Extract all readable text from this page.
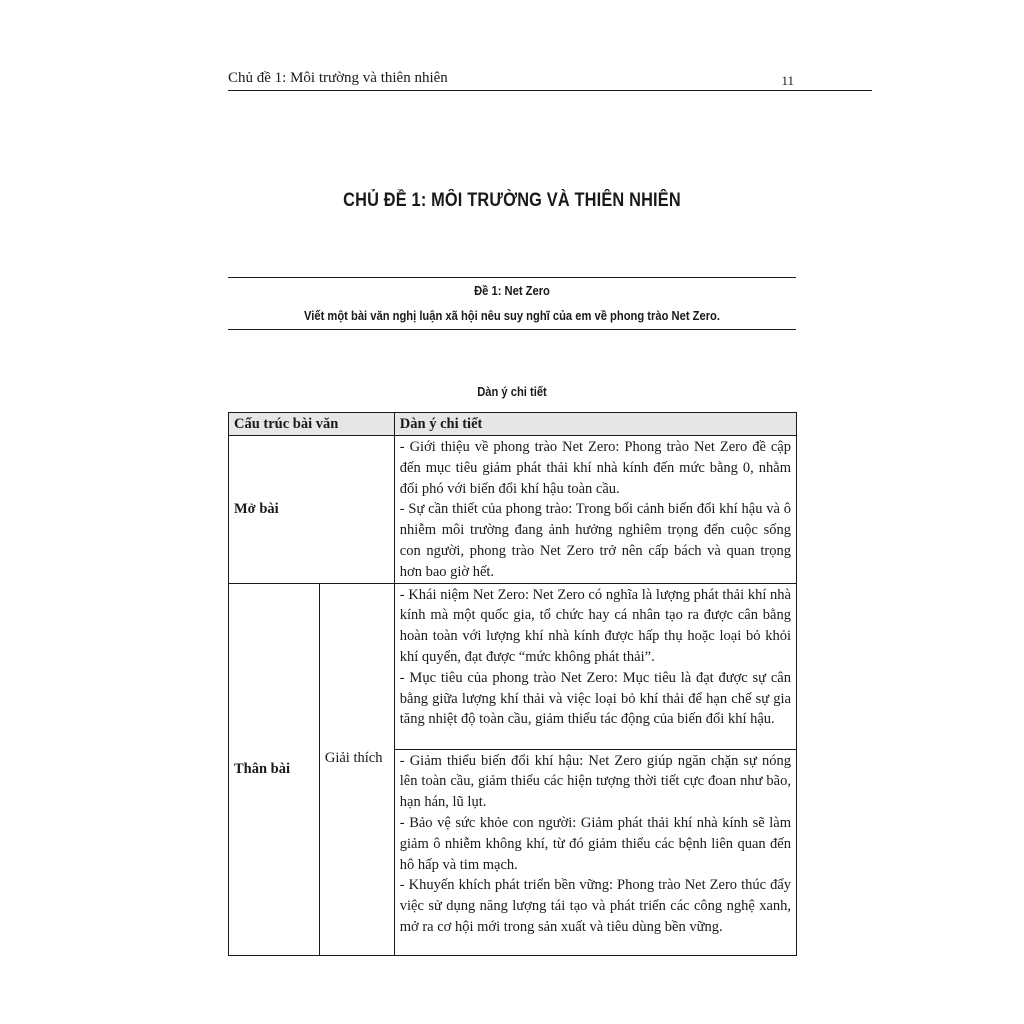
Chủ đề 1: Môi trường và thiên nhiên	11
CHỦ ĐỀ 1: MÔI TRƯỜNG VÀ THIÊN NHIÊN
Đề 1: Net Zero
Viết một bài văn nghị luận xã hội nêu suy nghĩ của em về phong trào Net Zero.
Dàn ý chi tiết
Cấu trúc bài văn		Dàn ý chi tiết
Mở bài		- Giới thiệu về phong trào Net Zero: Phong trào Net Zero đề cập đến mục tiêu giảm phát thải khí nhà kính đến mức bằng 0, nhằm đối phó với biến đổi khí hậu toàn cầu.
- Sự cần thiết của phong trào: Trong bối cảnh biến đổi khí hậu và ô nhiễm môi trường đang ảnh hưởng nghiêm trọng đến cuộc sống con người, phong trào Net Zero trở nên cấp bách và quan trọng hơn bao giờ hết.

Thân bài	Giải thích	- Khái niệm Net Zero: Net Zero có nghĩa là lượng phát thải khí nhà kính mà một quốc gia, tổ chức hay cá nhân tạo ra được cân bằng hoàn toàn với lượng khí nhà kính được hấp thụ hoặc loại bỏ khỏi khí quyển, đạt được “mức không phát thải”.
- Mục tiêu của phong trào Net Zero: Mục tiêu là đạt được sự cân bằng giữa lượng khí thải và việc loại bỏ khí thải để hạn chế sự gia tăng nhiệt độ toàn cầu, giảm thiểu tác động của biến đổi khí hậu.

		- Giảm thiểu biến đổi khí hậu: Net Zero giúp ngăn chặn sự nóng lên toàn cầu, giảm thiểu các hiện tượng thời tiết cực đoan như bão, hạn hán, lũ lụt.
- Bảo vệ sức khỏe con người: Giảm phát thải khí nhà kính sẽ làm giảm ô nhiễm không khí, từ đó giảm thiểu các bệnh liên quan đến hô hấp và tim mạch.
- Khuyến khích phát triển bền vững: Phong trào Net Zero thúc đẩy việc sử dụng năng lượng tái tạo và phát triển các công nghệ xanh, mở ra cơ hội mới trong sản xuất và tiêu dùng bền vững.
